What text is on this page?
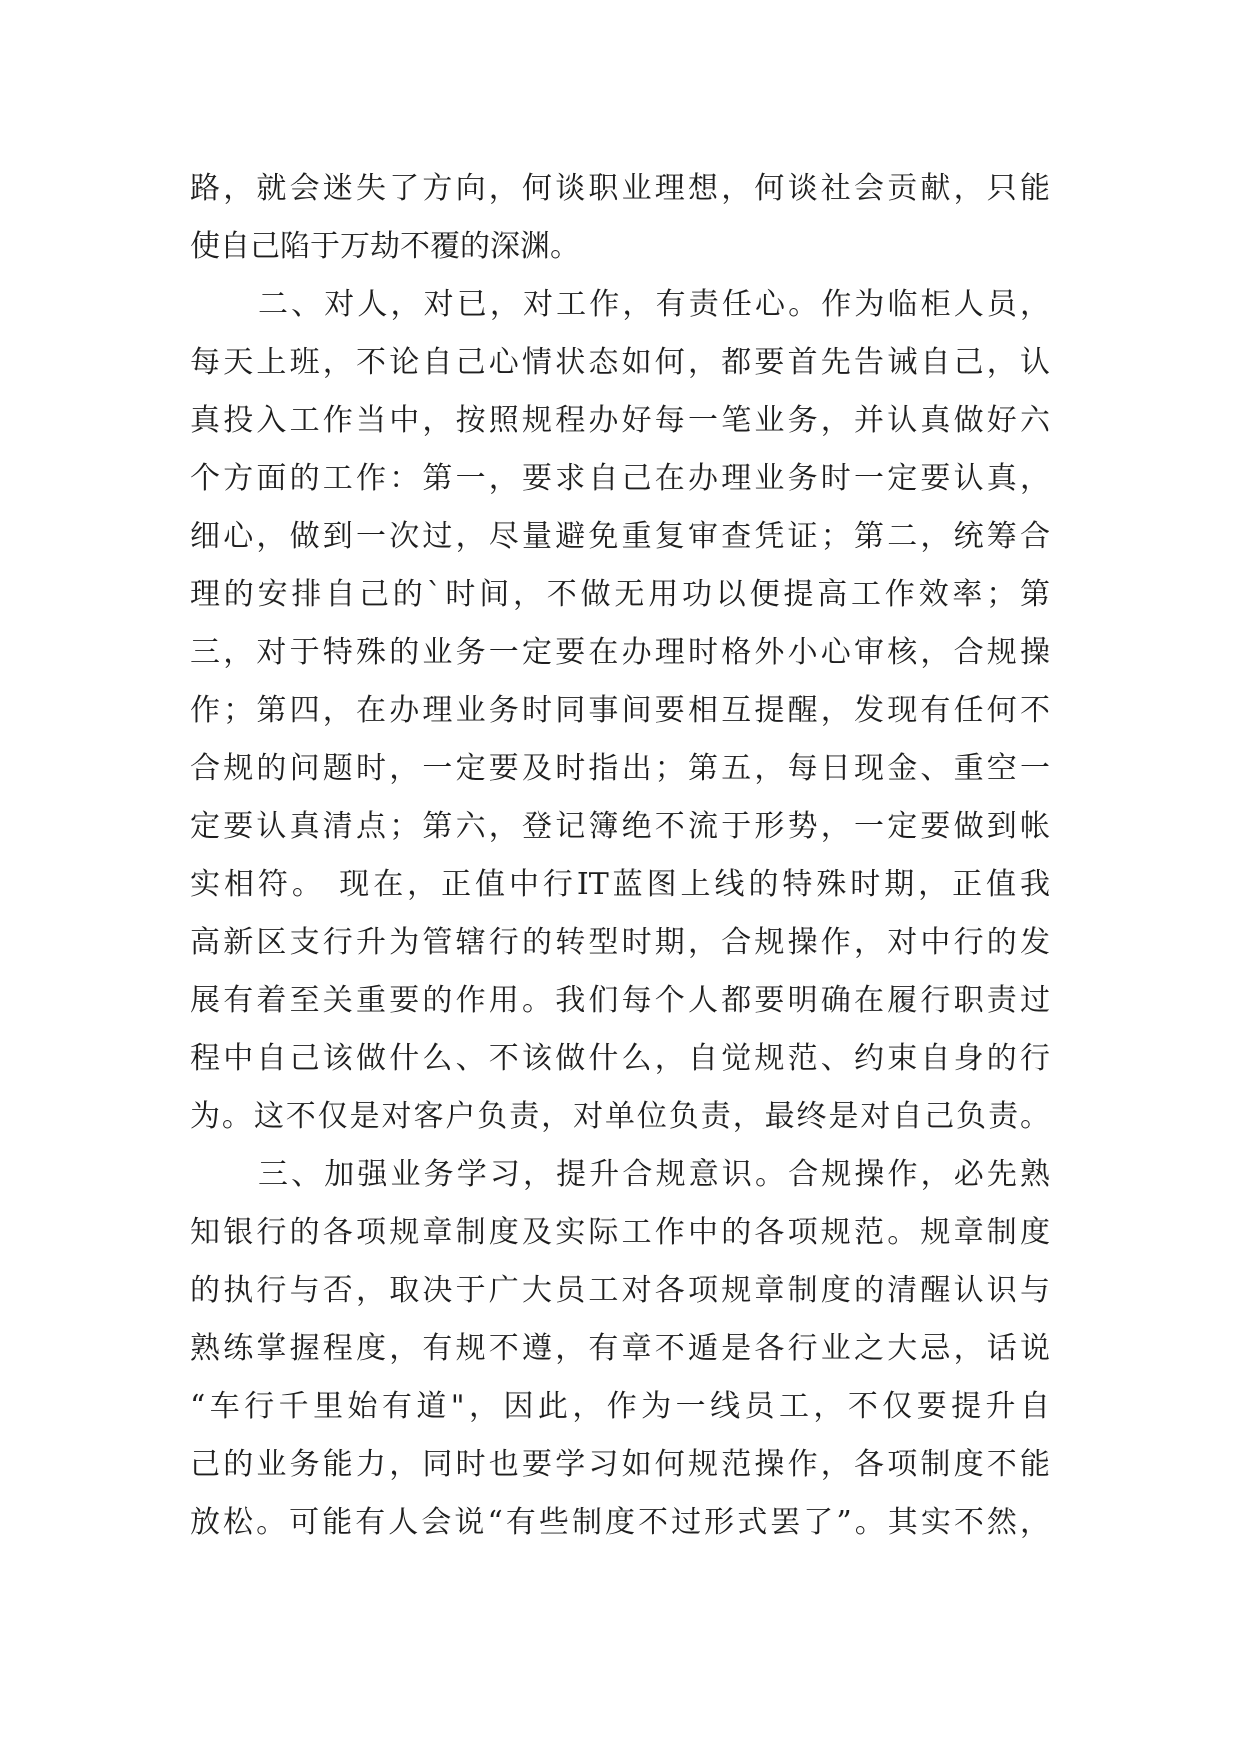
路，就会迷失了方向，何谈职业理想，何谈社会贡献，只能
使自己陷于万劫不覆的深渊。
二、对人，对已，对工作，有责任心。作为临柜人员，
每天上班，不论自己心情状态如何，都要首先告诫自己，认
真投入工作当中，按照规程办好每一笔业务，并认真做好六
个方面的工作：第一，要求自己在办理业务时一定要认真，
细心，做到一次过，尽量避免重复审查凭证；第二，统筹合
理的安排自己的`时间，不做无用功以便提高工作效率；第
三，对于特殊的业务一定要在办理时格外小心审核，合规操
作；第四，在办理业务时同事间要相互提醒，发现有任何不
合规的问题时，一定要及时指出；第五，每日现金、重空一
定要认真清点；第六，登记簿绝不流于形势，一定要做到帐
实相符。 现在，正值中行IT蓝图上线的特殊时期，正值我
高新区支行升为管辖行的转型时期，合规操作，对中行的发
展有着至关重要的作用。我们每个人都要明确在履行职责过
程中自己该做什么、不该做什么，自觉规范、约束自身的行
为。这不仅是对客户负责，对单位负责，最终是对自己负责。
三、加强业务学习，提升合规意识。合规操作，必先熟
知银行的各项规章制度及实际工作中的各项规范。规章制度
的执行与否，取决于广大员工对各项规章制度的清醒认识与
熟练掌握程度，有规不遵，有章不遁是各行业之大忌，话说
“车行千里始有道"，因此，作为一线员工，不仅要提升自
己的业务能力，同时也要学习如何规范操作，各项制度不能
放松。可能有人会说“有些制度不过形式罢了”。其实不然，
